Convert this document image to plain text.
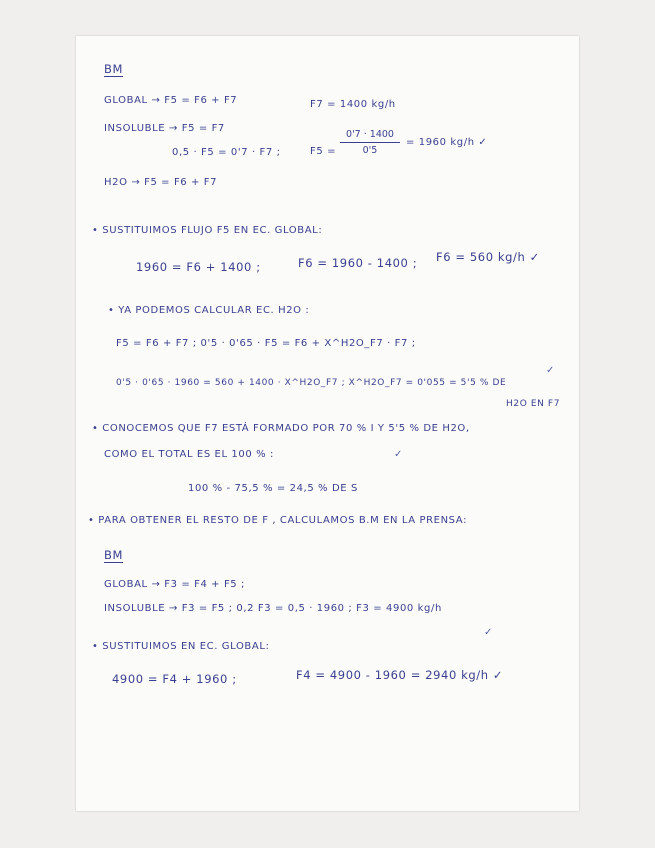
BM
GLOBAL → F5 = F6 + F7	F7 = 1400 kg/h
INSOLUBLE → F5 = F7
0,5 · F5 = 0'7 · F7 ;	F5 =
0'7 · 1400
0'5
= 1960 kg/h ✓
H2O → F5 = F6 + F7
• SUSTITUIMOS FLUJO F5 EN EC. GLOBAL:
1960 = F6 + 1400 ;	F6 = 1960 - 1400 ; F6 = 560 kg/h ✓
• YA PODEMOS CALCULAR EC. H2O :
F5 = F6 + F7 ; 0'5 · 0'65 · F5 = F6 + X^H2O_F7 · F7 ;
✓
0'5 · 0'65 · 1960 = 560 + 1400 · X^H2O_F7 ; X^H2O_F7 = 0'055 = 5'5 % DE
H2O EN F7
• CONOCEMOS QUE F7 ESTÁ FORMADO POR 70 % I Y 5'5 % DE H2O,
COMO EL TOTAL ES EL 100 % :	✓
100 % - 75,5 % = 24,5 % DE S
• PARA OBTENER EL RESTO DE F , CALCULAMOS B.M EN LA PRENSA:
BM
GLOBAL → F3 = F4 + F5 ;
INSOLUBLE → F3 = F5 ; 0,2 F3 = 0,5 · 1960 ; F3 = 4900 kg/h
✓
• SUSTITUIMOS EN EC. GLOBAL:
4900 = F4 + 1960 ;	F4 = 4900 - 1960 = 2940 kg/h ✓
